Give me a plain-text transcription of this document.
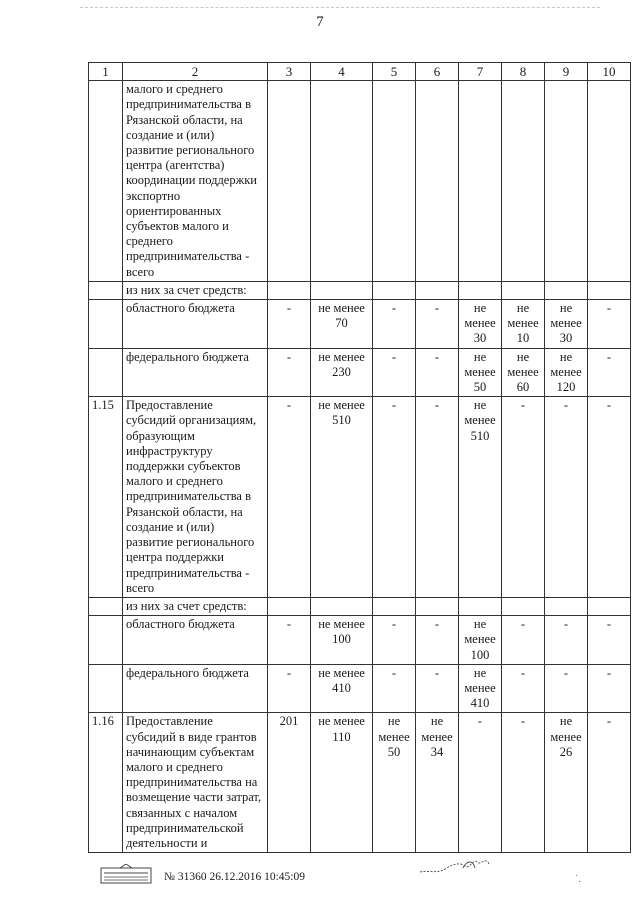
7
1	2	3	4	5	6	7	8	9	10
	малого и среднего предпринимательства в Рязанской области, на создание и (или) развитие регионального центра (агентства) координации поддержки экспортно ориентированных субъектов малого и среднего предпринимательства - всего								
	из них за счет средств:								
	областного бюджета	-	не менее 70	-	-	не менее 30	не менее 10	не менее 30	-
	федерального бюджета	-	не менее 230	-	-	не менее 50	не менее 60	не менее 120	-
1.15	Предоставление субсидий организациям, образующим инфраструктуру поддержки субъектов малого и среднего предпринимательства в Рязанской области, на создание и (или) развитие регионального центра поддержки предпринимательства - всего	-	не менее 510	-	-	не менее 510	-	-	-
	из них за счет средств:								
	областного бюджета	-	не менее 100	-	-	не менее 100	-	-	-
	федерального бюджета	-	не менее 410	-	-	не менее 410	-	-	-
1.16	Предоставление субсидий в виде грантов начинающим субъектам малого и среднего предпринимательства на возмещение части затрат, связанных с началом предпринимательской деятельности и	201	не менее 110	не менее 50	не менее 34	-	-	не менее 26	-
№ 31360 26.12.2016 10:45:09	˙.
